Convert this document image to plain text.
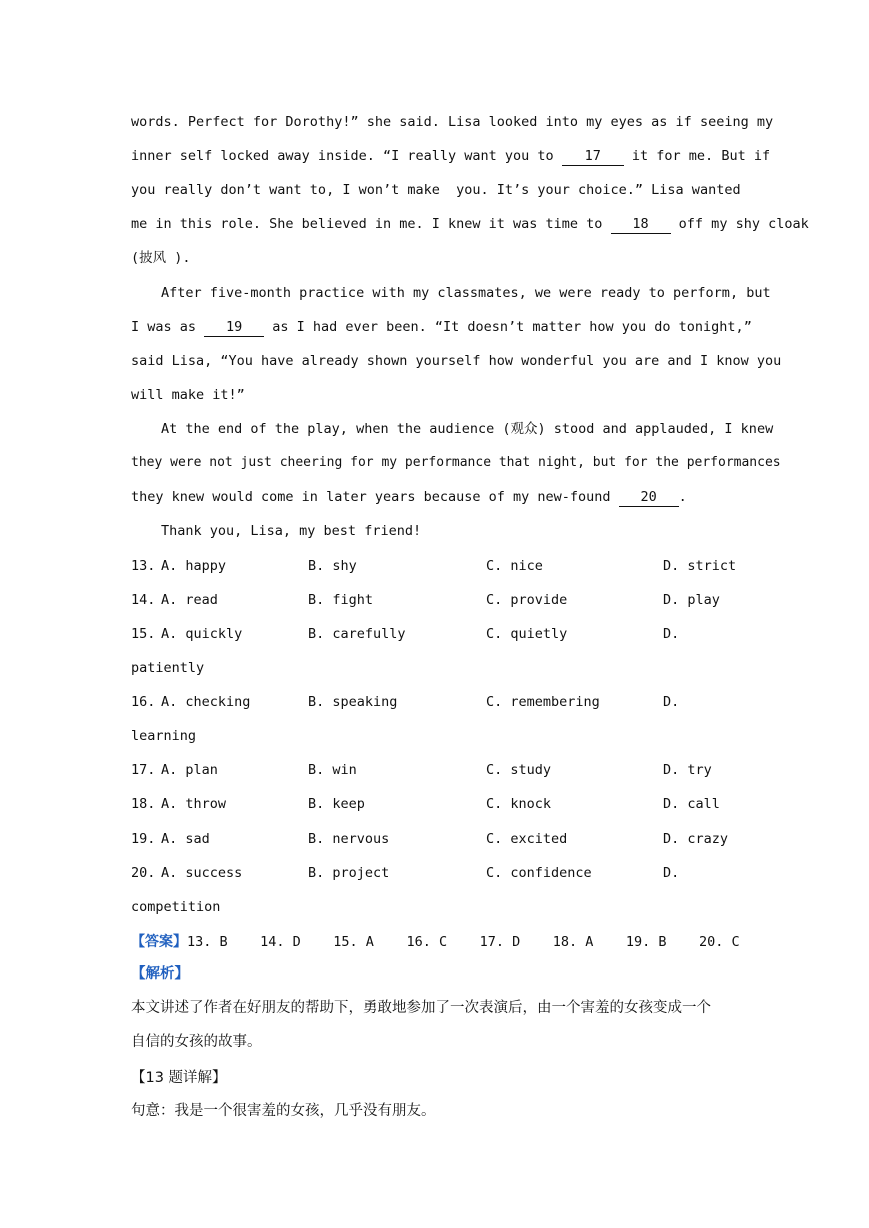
words. Perfect for Dorothy!” she said. Lisa looked into my eyes as if seeing my
inner self locked away inside. “I really want you to 17 it for me. But if
you really don’t want to, I won’t make  you. It’s your choice.” Lisa wanted
me in this role. She believed in me. I knew it was time to 18 off my shy cloak
(披风 ).
After five-month practice with my classmates, we were ready to perform, but
I was as 19 as I had ever been. “It doesn’t matter how you do tonight,”
said Lisa, “You have already shown yourself how wonderful you are and I know you
will make it!”
At the end of the play, when the audience (观众) stood and applauded, I knew
they were not just cheering for my performance that night, but for the performances
they knew would come in later years because of my new-found 20 .
Thank you, Lisa, my best friend!
13. A. happy	B. shy	C. nice	D. strict
14. A. read	B. fight	C. provide	D. play
15. A. quickly	B. carefully	C. quietly	D.
patiently
16. A. checking	B. speaking	C. remembering	D.
learning
17. A. plan	B. win	C. study	D. try
18. A. throw	B. keep	C. knock	D. call
19. A. sad	B. nervous	C. excited	D. crazy
20. A. success	B. project	C. confidence	D.
competition
【答案】13. B    14. D    15. A    16. C    17. D    18. A    19. B    20. C
【解析】
本文讲述了作者在好朋友的帮助下，勇敢地参加了一次表演后，由一个害羞的女孩变成一个
自信的女孩的故事。
【13 题详解】
句意：我是一个很害羞的女孩，几乎没有朋友。
